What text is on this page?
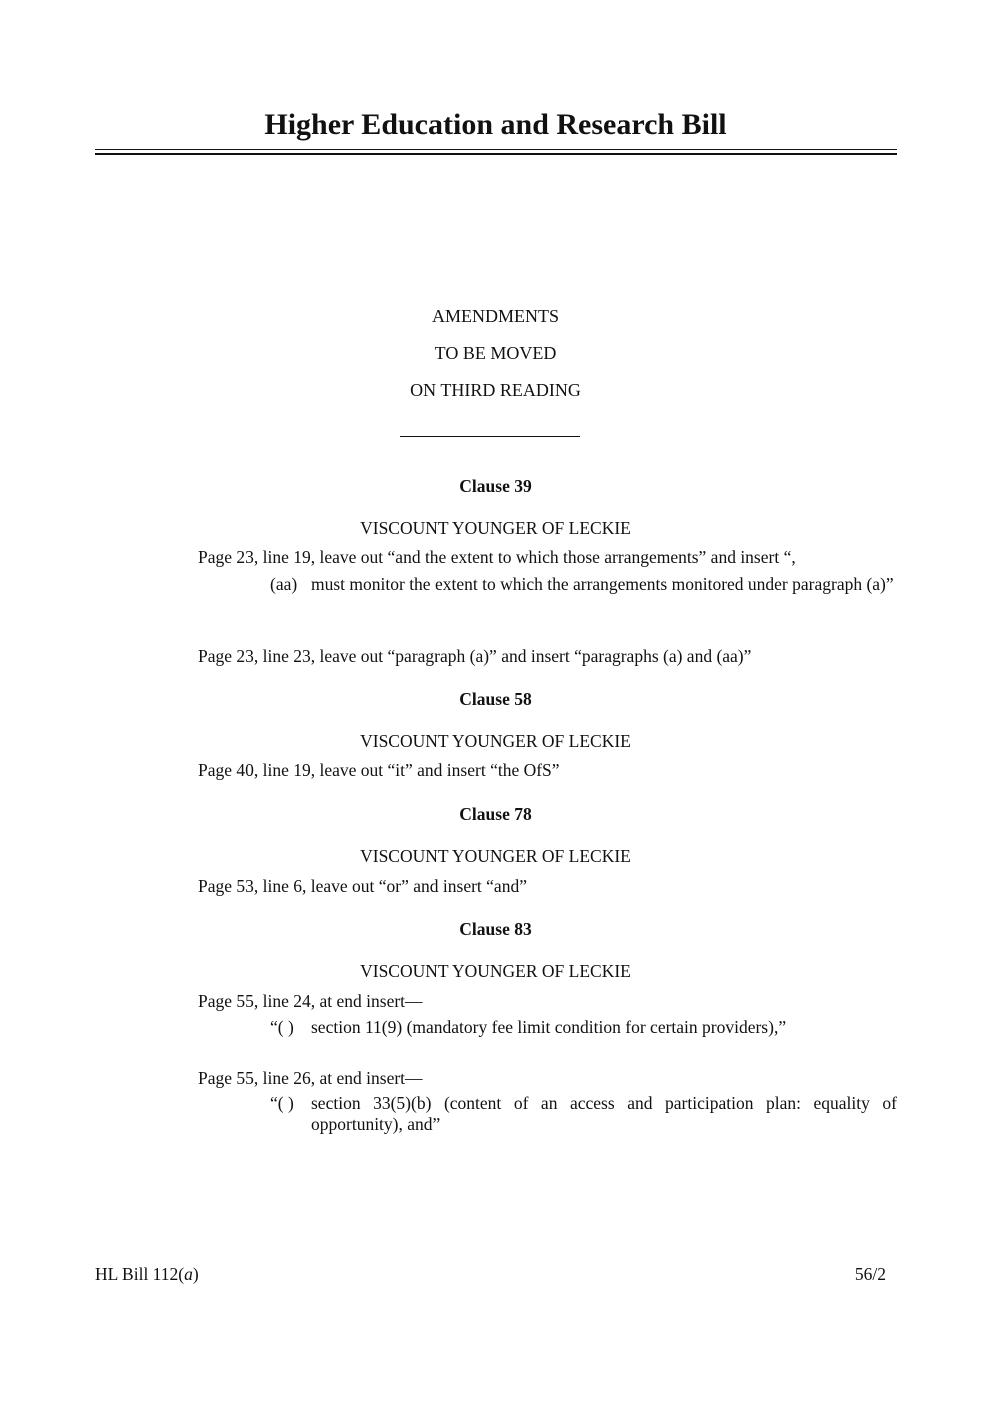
Higher Education and Research Bill
AMENDMENTS
TO BE MOVED
ON THIRD READING
Clause 39
VISCOUNT YOUNGER OF LECKIE
Page 23, line 19, leave out “and the extent to which those arrangements” and insert “,
(aa) must monitor the extent to which the arrangements monitored under paragraph (a)”
Page 23, line 23, leave out “paragraph (a)” and insert “paragraphs (a) and (aa)”
Clause 58
VISCOUNT YOUNGER OF LECKIE
Page 40, line 19, leave out “it” and insert “the OfS”
Clause 78
VISCOUNT YOUNGER OF LECKIE
Page 53, line 6, leave out “or” and insert “and”
Clause 83
VISCOUNT YOUNGER OF LECKIE
Page 55, line 24, at end insert—
“( ) section 11(9) (mandatory fee limit condition for certain providers),”
Page 55, line 26, at end insert—
“( ) section 33(5)(b) (content of an access and participation plan: equality of opportunity), and”
HL Bill 112(a)	56/2
